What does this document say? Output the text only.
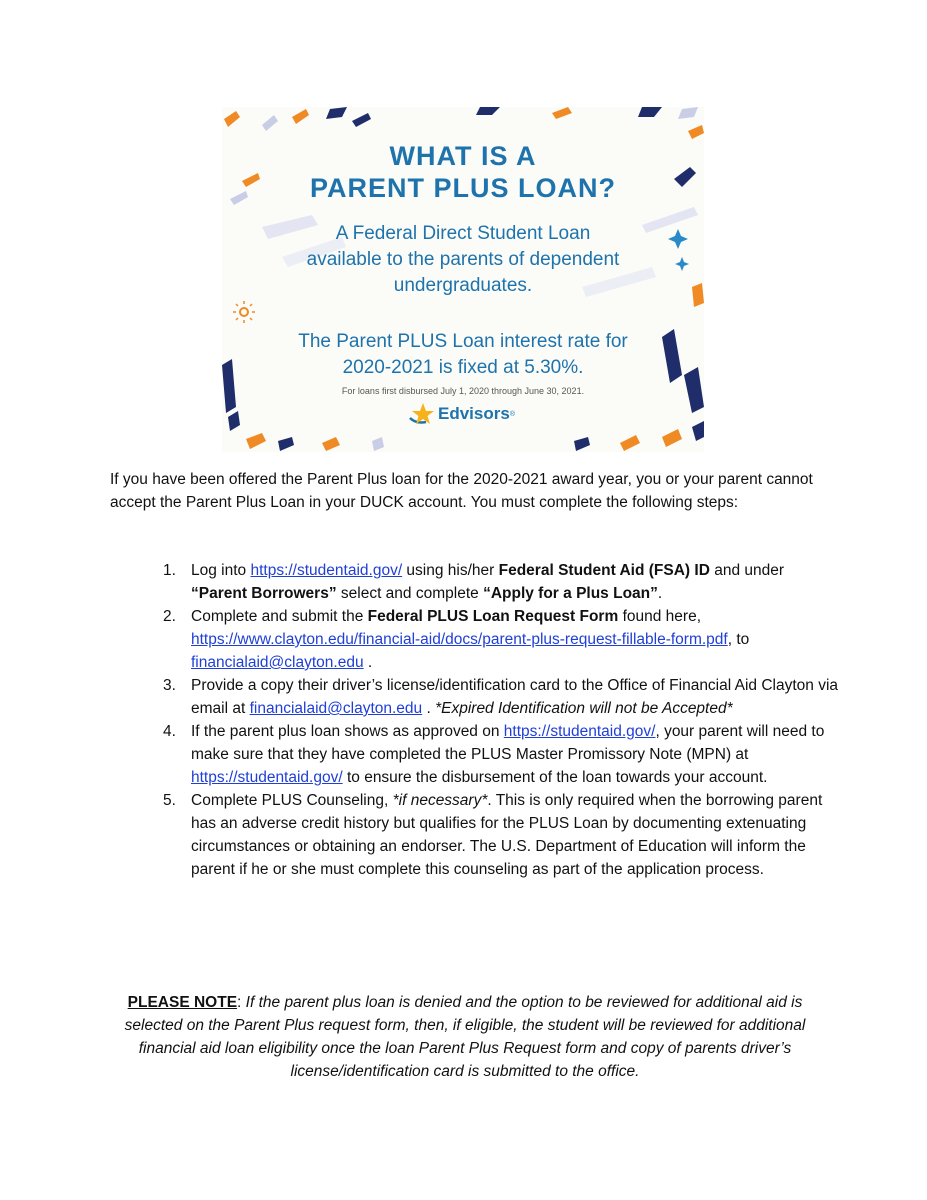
WHAT IS A
PARENT PLUS LOAN?
A Federal Direct Student Loan
available to the parents of dependent
undergraduates.
The Parent PLUS Loan interest rate for
2020-2021 is fixed at 5.30%.
For loans first disbursed July 1, 2020 through June 30, 2021.
Edvisors ®
If you have been offered the Parent Plus loan for the 2020-2021 award year, you or your parent cannot accept the Parent Plus Loan in your DUCK account. You must complete the following steps:
1. Log into https://studentaid.gov/ using his/her Federal Student Aid (FSA) ID and under “Parent Borrowers” select and complete “Apply for a Plus Loan”.
2. Complete and submit the Federal PLUS Loan Request Form found here, https://www.clayton.edu/financial-aid/docs/parent-plus-request-fillable-form.pdf, to financialaid@clayton.edu .
3. Provide a copy their driver’s license/identification card to the Office of Financial Aid Clayton via email at financialaid@clayton.edu . *Expired Identification will not be Accepted*
4. If the parent plus loan shows as approved on https://studentaid.gov/, your parent will need to make sure that they have completed the PLUS Master Promissory Note (MPN) at https://studentaid.gov/ to ensure the disbursement of the loan towards your account.
5. Complete PLUS Counseling, *if necessary*. This is only required when the borrowing parent has an adverse credit history but qualifies for the PLUS Loan by documenting extenuating circumstances or obtaining an endorser. The U.S. Department of Education will inform the parent if he or she must complete this counseling as part of the application process.
PLEASE NOTE: If the parent plus loan is denied and the option to be reviewed for additional aid is selected on the Parent Plus request form, then, if eligible, the student will be reviewed for additional financial aid loan eligibility once the loan Parent Plus Request form and copy of parents driver’s license/identification card is submitted to the office.
